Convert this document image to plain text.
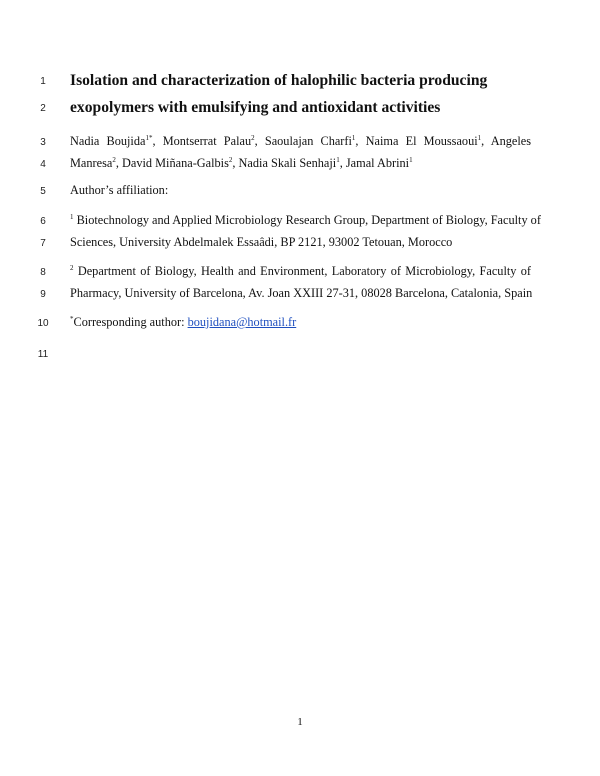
1
2
3
4
5
6
7
8
9
10
11
Isolation and characterization of halophilic bacteria producing
exopolymers with emulsifying and antioxidant activities
Nadia Boujida$^{1*}$, Montserrat Palau$^2$, Saoulajan Charfi$^1$, Naima El Moussaoui$^1$, Angeles
Manresa$^2$, David Miñana-Galbis$^2$, Nadia Skali Senhaji$^1$, Jamal Abrini$^1$
Author’s affiliation:
$^1$ Biotechnology and Applied Microbiology Research Group, Department of Biology, Faculty of
Sciences, University Abdelmalek Essaâdi, BP 2121, 93002 Tetouan, Morocco
$^2$ Department of Biology, Health and Environment, Laboratory of Microbiology, Faculty of
Pharmacy, University of Barcelona, Av. Joan XXIII 27-31, 08028 Barcelona, Catalonia, Spain
*Corresponding author: boujidana@hotmail.fr
1
